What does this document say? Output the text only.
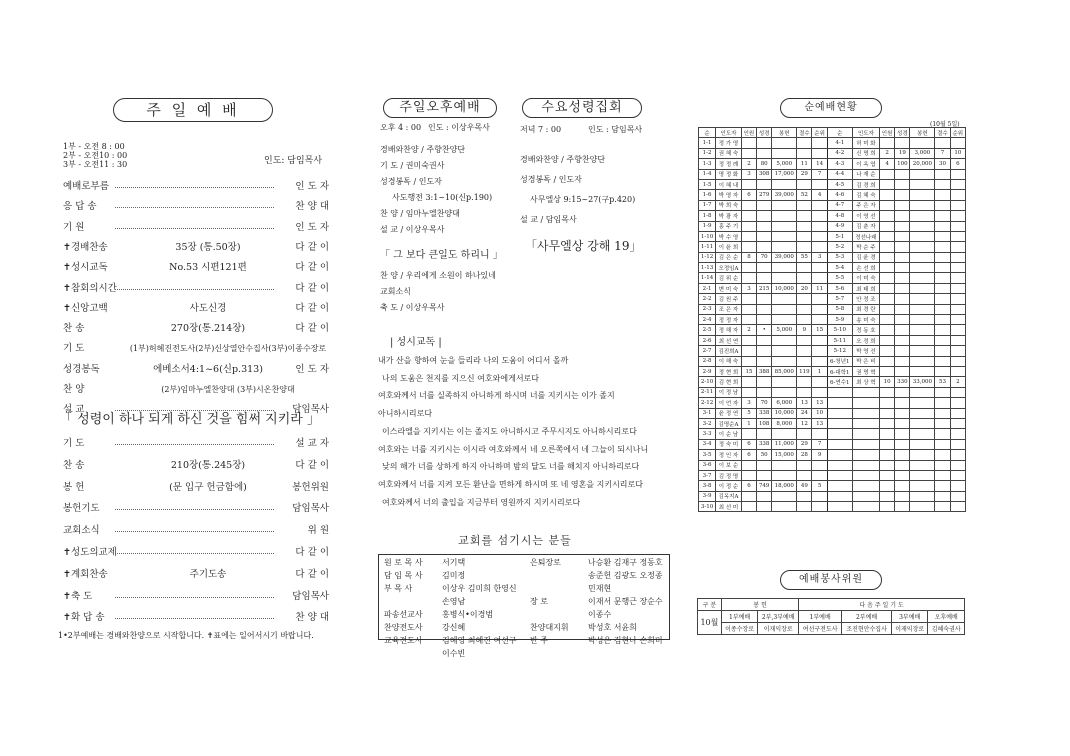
주 일 예 배
1부 - 오전 8 : 00
2부 - 오전10 : 00
3부 - 오전11 : 30	인도: 담임목사
예배로부름	인 도 자
응 답 송	찬 양 대
기 원	인 도 자
✝경배찬송	35장 (통.50장)	다 같 이
✝성시교독	No.53 시편121편	다 같 이
✝참회의시간	다 같 이
✝신앙고백	사도신경	다 같 이
찬 송	270장(통.214장)	다 같 이
기 도	(1부)허혜진전도사(2부)신상열안수집사(3부)이종수장로
성경봉독	에베소서4:1~6(신p.313)	인 도 자
찬 양	(2부)임마누엘찬양대 (3부)시온찬양대
설 교	담임목사
「 성령이 하나 되게 하신 것을 힘써 지키라 」
기 도	설 교 자
찬 송	210장(통.245장)	다 같 이
봉 헌	(문 입구 헌금함에)	봉헌위원
봉헌기도	담임목사
교회소식	위 원
✝성도의교제	다 같 이
✝계회찬송	주기도송	다 같 이
✝축 도	담임목사
✝화 답 송	찬 양 대
1•2부예배는 경배와찬양으로 시작합니다. ✝표에는 일어서시기 바랍니다.
주일오후예배
오후 4 : 00 인도 : 이상우목사
경배와찬양 / 주향찬양단
기 도 / 권미숙권사
성경봉독 / 인도자
사도행전 3:1~10(신p.190)
찬 양 / 임마누엘찬양대
설 교 / 이상우목사
「 그 보다 큰일도 하리니 」
찬 양 / 우리에게 소원이 하나있네
교회소식
축 도 / 이상우목사
수요성령집회
저녁 7 : 00	인도 : 담임목사
경배와찬양 / 주향찬양단
성경봉독 / 인도자
사무엘상 9:15~27(구p.420)
설 교 / 담임목사
「사무엘상 강해 19」
| 성시교독 |
내가 산을 향하여 눈을 들리라 나의 도움이 어디서 올까
나의 도움은 천지를 지으신 여호와에게서로다
여호와께서 너를 실족하지 아니하게 하시며 너를 지키시는 이가 졸지
아니하시리로다
이스라엘을 지키시는 이는 졸지도 아니하시고 주무시지도 아니하시리로다
여호와는 너를 지키시는 이시라 여호와께서 네 오른쪽에서 네 그늘이 되시나니
낮의 해가 너를 상하게 하지 아니하며 밤의 달도 너를 해치지 아니하리로다
여호와께서 너를 지켜 모든 환난을 면하게 하시며 또 네 영혼을 지키시리로다
여호와께서 너의 출입을 지금부터 영원까지 지키시리로다
교회를 섬기시는 분들
원 로 목 사	서기택
담 임 목 사	김미정
부 목 사	이상우 김미희 한영신
	손영남
파송선교사	홍병식•이경범
찬양전도사	강신혜
교육전도사	김혜영 최혜진 여선구
	이수빈
은퇴장로	나승환 김재구 정동호
	송준헌 김광도 오정종
	민재현
장 로	이재서 문행근 장순수
	이종수
찬양대지휘	박성호 서윤희
반 주	박성은 김현나 손희미
순예배현황
(10월 5일)
순	인도자	인원	성경	봉헌	결수	순위	순	인도자	인원	성경	봉헌	결수	순위
1-1	정 가 영						4-1	허 미 화					
1-2	권 혜 숙						4-2	신 명 희	2	19	3,000	7	10
1-3	정 정 례	2	80	5,000	11	14	4-3	이 옥 엽	4	100	20,000	30	6
1-4	명 정 화	3	308	17,000	29	7	4-4	나 재 순					
1-5	이 혜 내						4-5	김 경 희					
1-6	박 영 자	6	279	39,000	52	4	4-6	김 혜 숙					
1-7	박 희 숙						4-7	주 은 자					
1-8	박 광 자						4-8	이 영 선					
1-9	홍 주 기						4-9	김 춘 자					
1-10	박 수 영						5-1	정선나래					
1-11	이 윤 희						5-2	박 순 주					
1-12	김 은 순	8	70	39,000	55	3	5-3	김 윤 경					
1-13	오정임A						5-4	손 선 희					
1-14	김 위 순						5-5	이 미 숙					
2-1	변 미 숙	3	215	10,000	20	11	5-6	최 태 희					
2-2	김 원 주						5-7	안 정 조					
2-3	조 은 자						5-8	최 경 란					
2-4	정 정 자						5-9	송 미 숙					
2-5	정 해 자	2	•	5,000	9	15	5-10	정 동 호					
2-6	최 선 연						5-11	오 정 희					
2-7	김진희A						5-12	박 영 선					
2-8	이 해 숙						6-청년1	박 은 비					
2-9	정 현 희	15	388	85,000	119	1	6-대학1	권 명 혁					
2-10	김 현 희						6-연수1	최 상 혁	10	330	33,000	53	2
2-11	이 정 남												
2-12	이 언 자	3	70	6,000	13	13							
3-1	윤 정 연	5	338	10,000	24	10							
3-2	김명순A	1	108	8,000	12	13							
3-3	이 순 남												
3-4	정 숙 미	6	338	11,000	29	7							
3-5	정 인 자	6	50	15,000	28	9							
3-6	이 보 순												
3-7	김 정 명												
3-8	이 정 순	6	749	18,000	49	5							
3-9	김옥지A												
3-10	최 선 미												
예배봉사위원
구 분	봉 헌		다 음 주 일 기 도			
10월	1부예배	2부,3부예배	1부예배	2부예배	3부예배	오후예배
	이종수장로	이재익장로	여선구전도사	조진현안수집사	이재익장로	김혜숙권사
